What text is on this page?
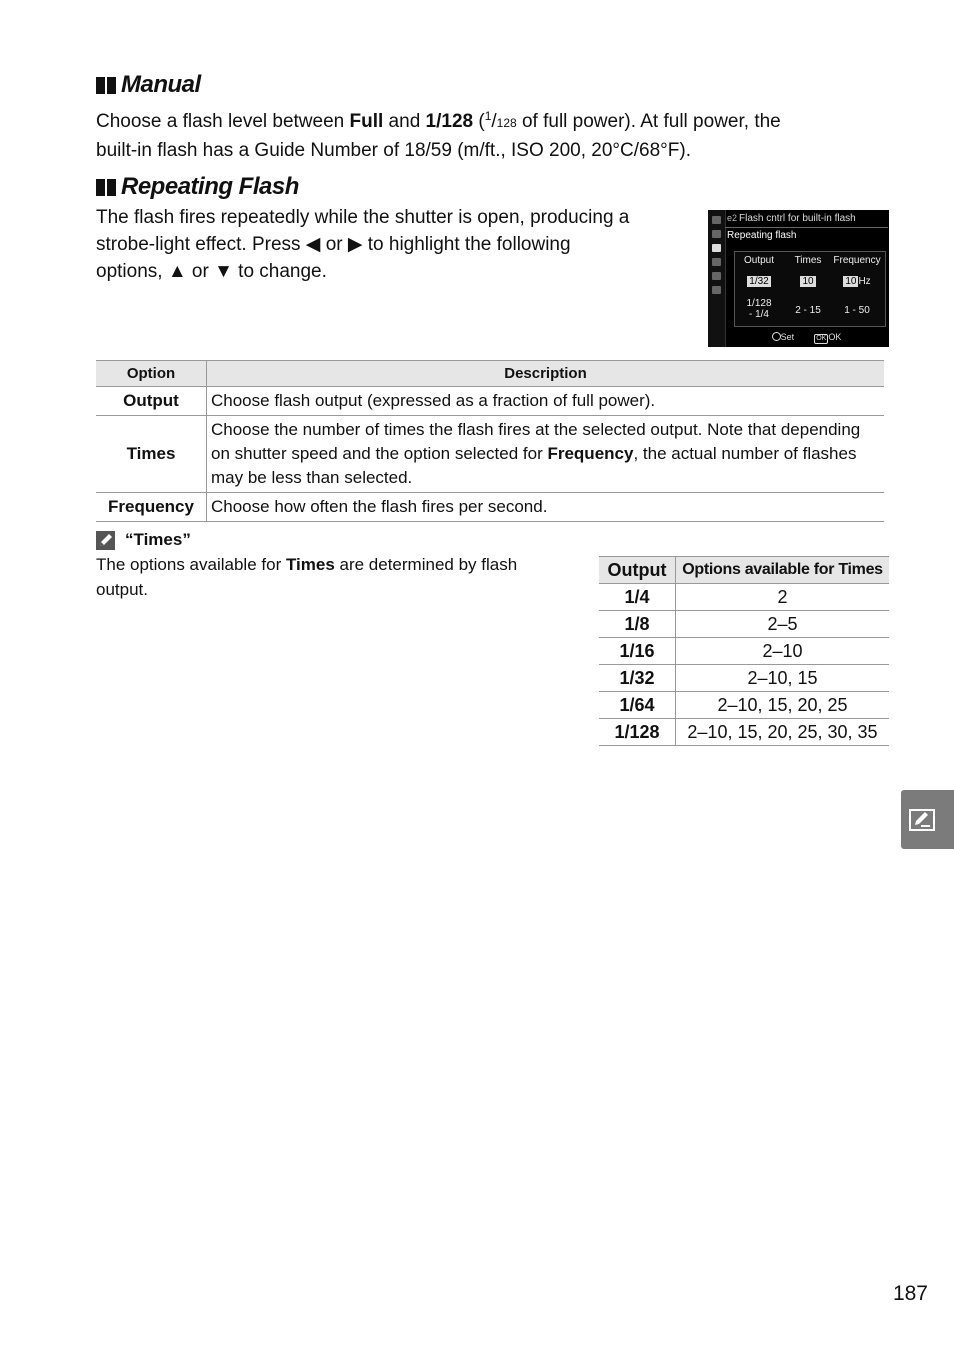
Manual
Choose a flash level between Full and 1/128 ($^1$/128 of full power). At full power, the
built-in flash has a Guide Number of 18/59 (m/ft., ISO 200, 20°C/68°F).
Repeating Flash
The flash fires repeatedly while the shutter is open, producing a
strobe-light effect. Press ◀ or ▶ to highlight the following
options, ▲ or ▼ to change.
e2 Flash cntrl for built-in flash
Repeating flash
Output	Times	Frequency
1/32	10	10 Hz
1/128
- 1/4	2 - 15	1 - 50
Set	OK OK
Option	Description
Output	Choose flash output (expressed as a fraction of full power).
Times	Choose the number of times the flash fires at the selected output. Note that depending on shutter speed and the option selected for Frequency, the actual number of flashes may be less than selected.
Frequency	Choose how often the flash fires per second.
“Times”
The options available for Times are determined by flash
output.
Output	Options available for Times
1/4	2
1/8	2–5
1/16	2–10
1/32	2–10, 15
1/64	2–10, 15, 20, 25
1/128	2–10, 15, 20, 25, 30, 35
187
